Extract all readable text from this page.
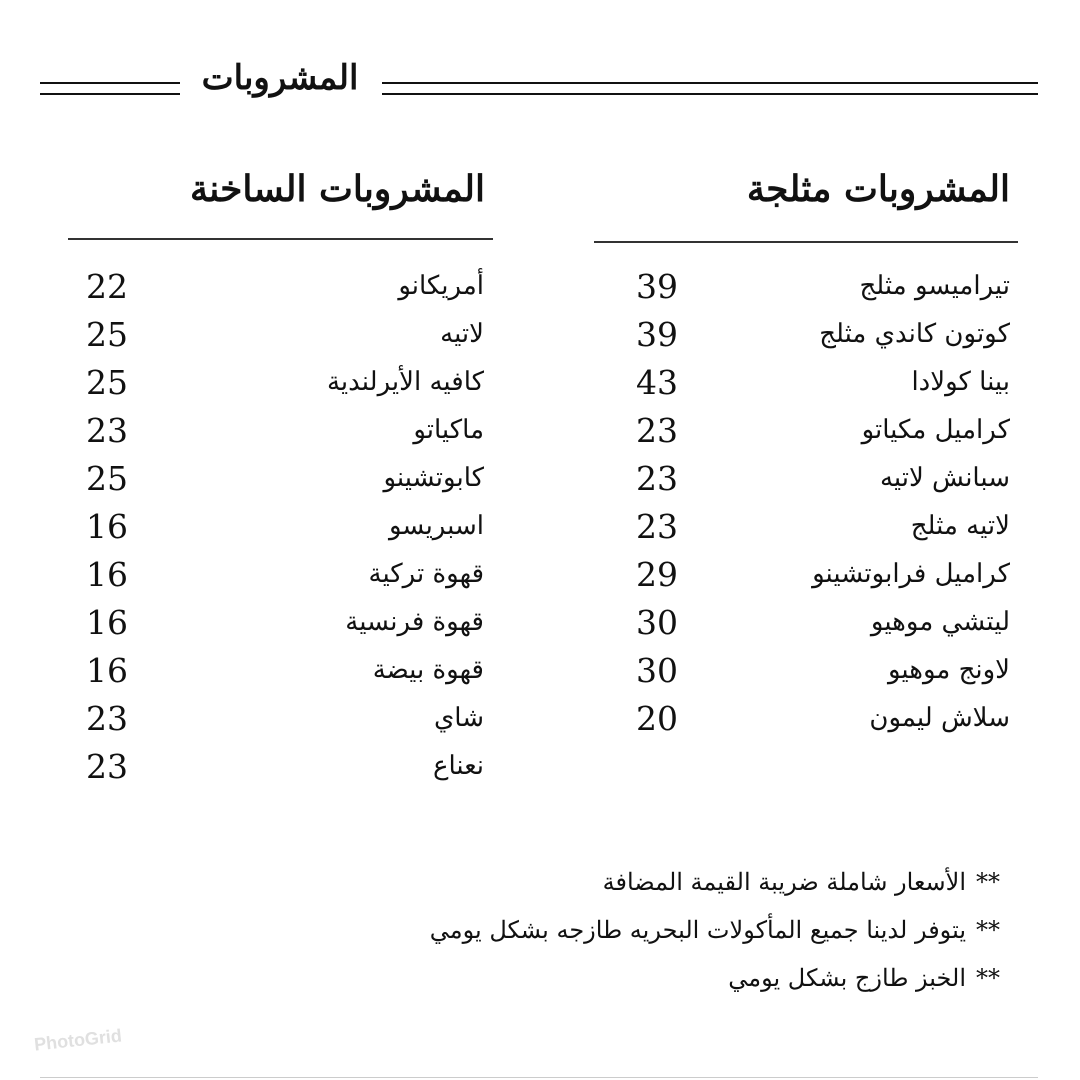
المشروبات
المشروبات الساخنة	المشروبات مثلجة
أمريكانو
22
لاتيه
25
كافيه الأيرلندية
25
ماكياتو
23
كابوتشينو
25
اسبريسو
16
قهوة تركية
16
قهوة فرنسية
16
قهوة بيضة
16
شاي
23
نعناع
23
تيراميسو مثلج
39
كوتون كاندي مثلج
39
بينا كولادا
43
كراميل مكياتو
23
سبانش لاتيه
23
لاتيه مثلج
23
كراميل فرابوتشينو
29
ليتشي موهيو
30
لاونج موهيو
30
سلاش ليمون
20
**الأسعار شاملة ضريبة القيمة المضافة
**يتوفر لدينا جميع المأكولات البحريه طازجه بشكل يومي
**الخبز طازج بشكل يومي
PhotoGrid
